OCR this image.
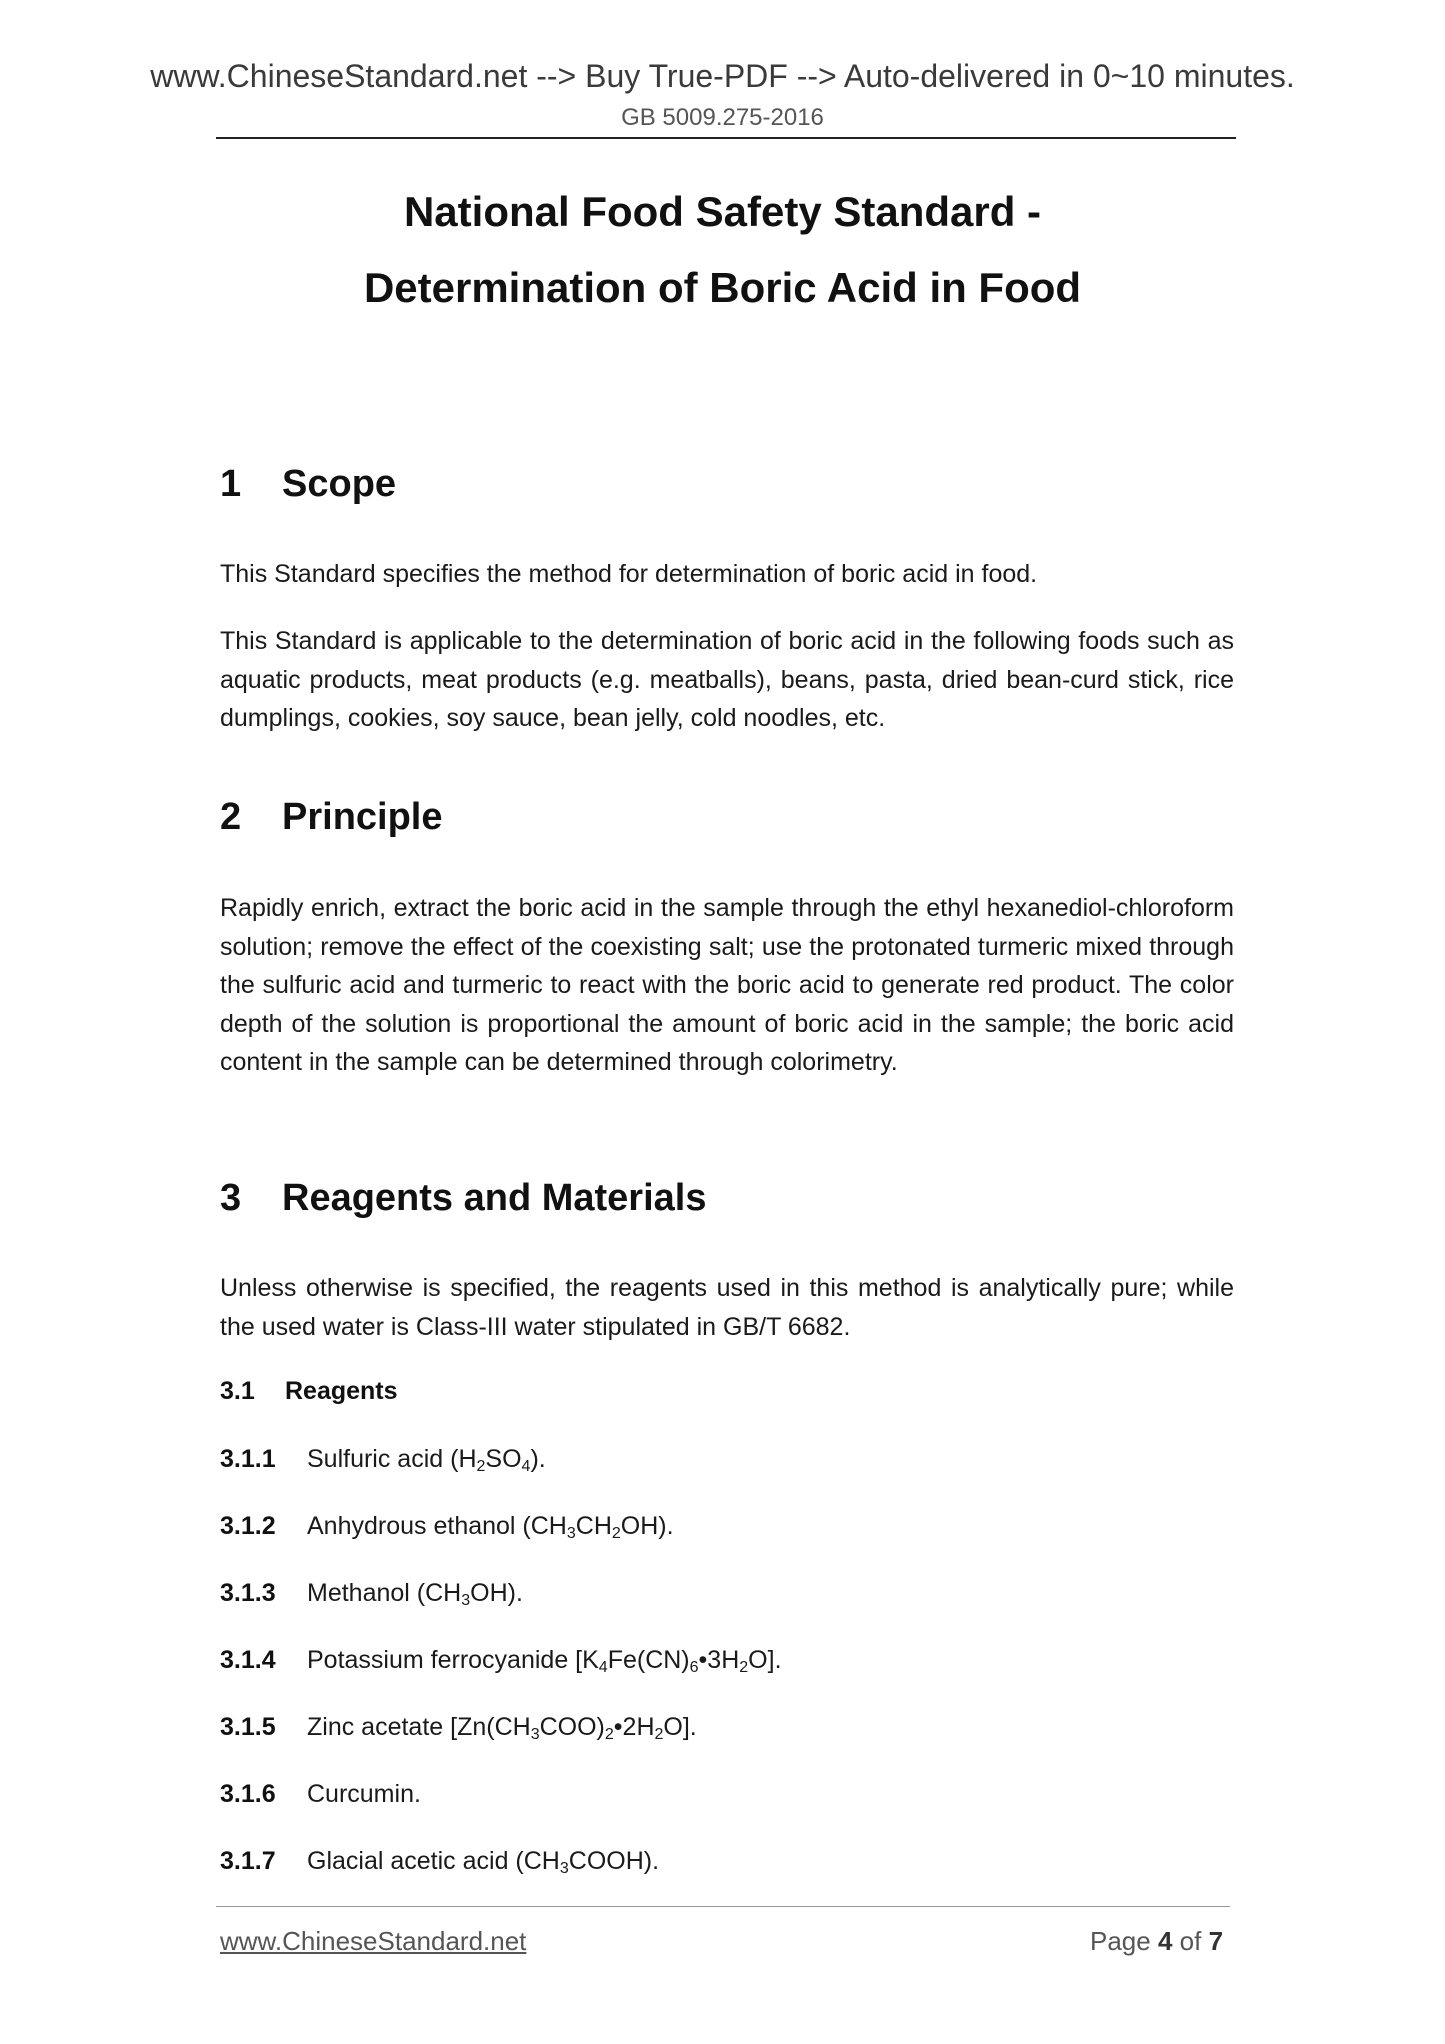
www.ChineseStandard.net --> Buy True-PDF --> Auto-delivered in 0~10 minutes.
GB 5009.275-2016
National Food Safety Standard -
Determination of Boric Acid in Food
1 Scope

This Standard specifies the method for determination of boric acid in food.

This Standard is applicable to the determination of boric acid in the following foods such as aquatic products, meat products (e.g. meatballs), beans, pasta, dried bean-curd stick, rice dumplings, cookies, soy sauce, bean jelly, cold noodles, etc.

2 Principle

Rapidly enrich, extract the boric acid in the sample through the ethyl hexanediol-chloroform solution; remove the effect of the coexisting salt; use the protonated turmeric mixed through the sulfuric acid and turmeric to react with the boric acid to generate red product. The color depth of the solution is proportional the amount of boric acid in the sample; the boric acid content in the sample can be determined through colorimetry.

3 Reagents and Materials

Unless otherwise is specified, the reagents used in this method is analytically pure; while the used water is Class-III water stipulated in GB/T 6682.

3.1 Reagents
3.1.1 Sulfuric acid $(H_2SO_4)$.
3.1.2 Anhydrous ethanol $(CH_3CH_2OH)$.
3.1.3 Methanol $(CH_3OH)$.
3.1.4 Potassium ferrocyanide $[K_4Fe(CN)_6•3H_2O]$.
3.1.5 Zinc acetate $[Zn(CH_3COO)_2•2H_2O]$.
3.1.6 Curcumin.
3.1.7 Glacial acetic acid $(CH_3COOH)$.
www.ChineseStandard.net	Page 4 of 7
